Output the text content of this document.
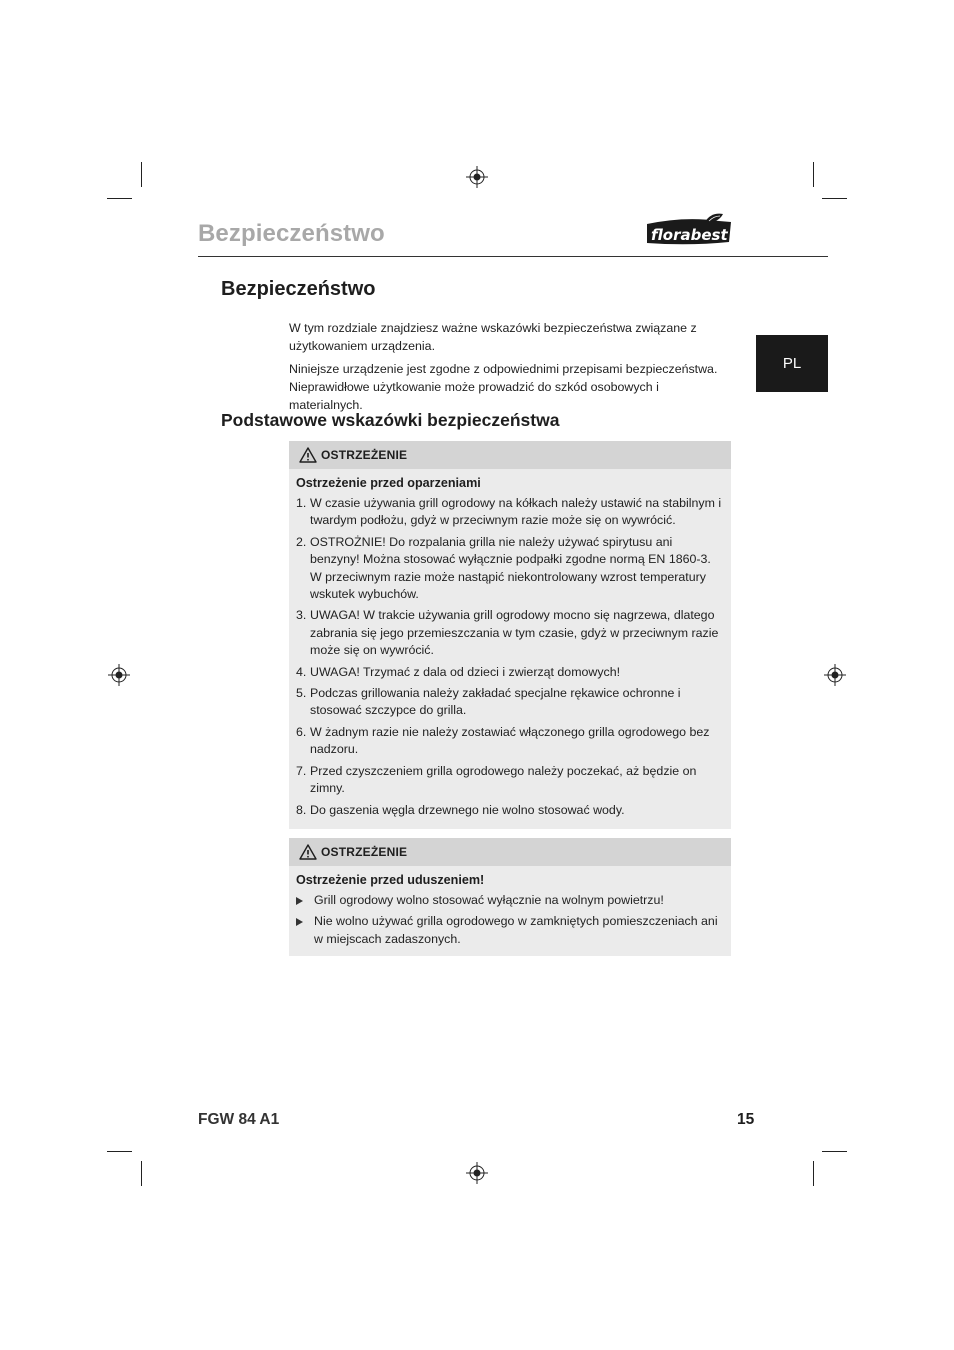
Bezpieczeństwo	florabest
PL
Bezpieczeństwo
W tym rozdziale znajdziesz ważne wskazówki bezpieczeństwa związane z użytkowaniem urządzenia.
Niniejsze urządzenie jest zgodne z odpowiednimi przepisami bezpieczeństwa. Nieprawidłowe użytkowanie może prowadzić do szkód osobowych i materialnych.
Podstawowe wskazówki bezpieczeństwa
OSTRZEŻENIE
Ostrzeżenie przed oparzeniami
1. W czasie używania grill ogrodowy na kółkach należy ustawić na stabilnym i twardym podłożu, gdyż w przeciwnym razie może się on wywrócić.
2. OSTROŻNIE! Do rozpalania grilla nie należy używać spirytusu ani benzyny! Można stosować wyłącznie podpałki zgodne normą EN 1860-3. W przeciwnym razie może nastąpić niekontrolowany wzrost temperatury wskutek wybuchów.
3. UWAGA! W trakcie używania grill ogrodowy mocno się nagrzewa, dlatego zabrania się jego przemieszczania w tym czasie, gdyż w przeciwnym razie może się on wywrócić.
4. UWAGA! Trzymać z dala od dzieci i zwierząt domowych!
5. Podczas grillowania należy zakładać specjalne rękawice ochronne i stosować szczypce do grilla.
6. W żadnym razie nie należy zostawiać włączonego grilla ogrodowego bez nadzoru.
7. Przed czyszczeniem grilla ogrodowego należy poczekać, aż będzie on zimny.
8. Do gaszenia węgla drzewnego nie wolno stosować wody.
OSTRZEŻENIE
Ostrzeżenie przed uduszeniem!
Grill ogrodowy wolno stosować wyłącznie na wolnym powietrzu!
Nie wolno używać grilla ogrodowego w zamkniętych pomieszczeniach ani w miejscach zadaszonych.
FGW 84 A1	15
